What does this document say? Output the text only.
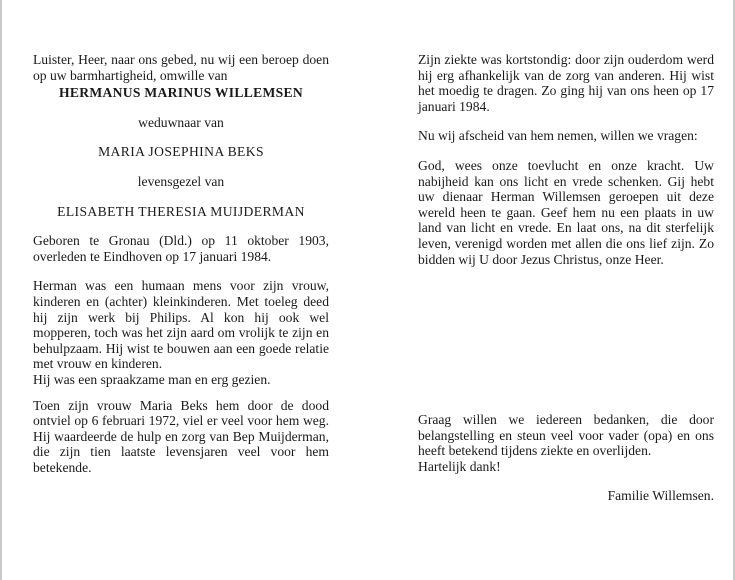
Luister, Heer, naar ons gebed, nu wij een beroep doen op uw barmhartigheid, omwille van

HERMANUS MARINUS WILLEMSEN

weduwnaar van

MARIA JOSEPHINA BEKS

levensgezel van

ELISABETH THERESIA MUIJDERMAN

Geboren te Gronau (Dld.) op 11 oktober 1903, overleden te Eindhoven op 17 januari 1984.

Herman was een humaan mens voor zijn vrouw, kinderen en (achter) kleinkinderen. Met toeleg deed hij zijn werk bij Philips. Al kon hij ook wel mopperen, toch was het zijn aard om vrolijk te zijn en behulpzaam. Hij wist te bouwen aan een goede relatie met vrouw en kinderen.

Hij was een spraakzame man en erg gezien.

Toen zijn vrouw Maria Beks hem door de dood ontviel op 6 februari 1972, viel er veel voor hem weg. Hij waardeerde de hulp en zorg van Bep Muijderman, die zijn tien laatste levensjaren veel voor hem betekende.

Zijn ziekte was kortstondig: door zijn ouderdom werd hij erg afhankelijk van de zorg van anderen. Hij wist het moedig te dragen. Zo ging hij van ons heen op 17 januari 1984.

Nu wij afscheid van hem nemen, willen we vragen:

God, wees onze toevlucht en onze kracht. Uw nabijheid kan ons licht en vrede schenken. Gij hebt uw dienaar Herman Willemsen geroepen uit deze wereld heen te gaan. Geef hem nu een plaats in uw land van licht en vrede. En laat ons, na dit sterfelijk leven, verenigd worden met allen die ons lief zijn. Zo bidden wij U door Jezus Christus, onze Heer.

Graag willen we iedereen bedanken, die door belangstelling en steun veel voor vader (opa) en ons heeft betekend tijdens ziekte en overlijden.

Hartelijk dank!

Familie Willemsen.
